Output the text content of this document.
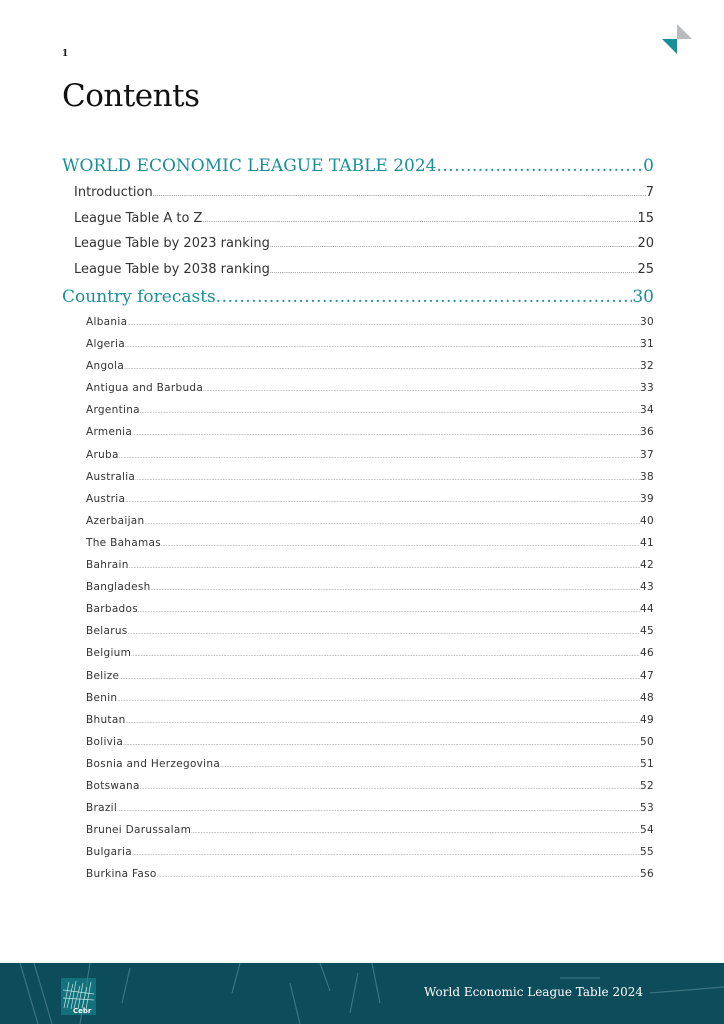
1
Contents
WORLD ECONOMIC LEAGUE TABLE 2024 .....	0
Introduction .....	7
League Table A to Z .....	15
League Table by 2023 ranking .....	20
League Table by 2038 ranking .....	25
Country forecasts .....	30
Albania .....	30
Algeria .....	31
Angola .....	32
Antigua and Barbuda .....	33
Argentina .....	34
Armenia .....	36
Aruba .....	37
Australia .....	38
Austria .....	39
Azerbaijan .....	40
The Bahamas .....	41
Bahrain .....	42
Bangladesh .....	43
Barbados .....	44
Belarus .....	45
Belgium .....	46
Belize .....	47
Benin .....	48
Bhutan .....	49
Bolivia .....	50
Bosnia and Herzegovina .....	51
Botswana .....	52
Brazil .....	53
Brunei Darussalam .....	54
Bulgaria .....	55
Burkina Faso .....	56
Cebr
World Economic League Table 2024
